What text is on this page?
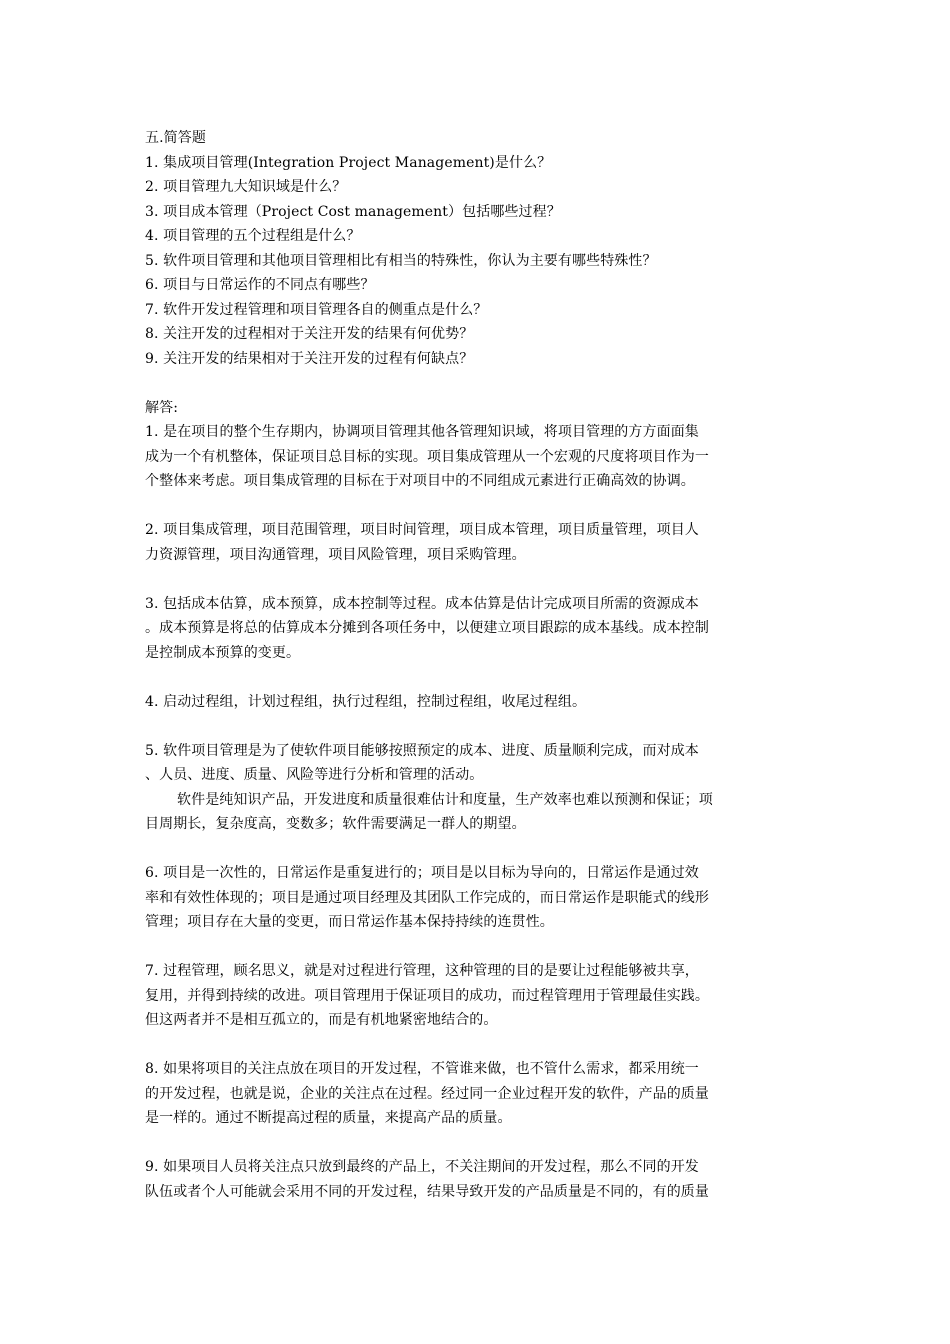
五.简答题
1. 集成项目管理(Integration Project Management)是什么？
2. 项目管理九大知识域是什么？
3. 项目成本管理（Project Cost management）包括哪些过程？
4. 项目管理的五个过程组是什么？
5. 软件项目管理和其他项目管理相比有相当的特殊性，你认为主要有哪些特殊性？
6. 项目与日常运作的不同点有哪些？
7. 软件开发过程管理和项目管理各自的侧重点是什么？
8. 关注开发的过程相对于关注开发的结果有何优势？
9. 关注开发的结果相对于关注开发的过程有何缺点？
解答:
1. 是在项目的整个生存期内，协调项目管理其他各管理知识域，将项目管理的方方面面集
成为一个有机整体，保证项目总目标的实现。项目集成管理从一个宏观的尺度将项目作为一
个整体来考虑。项目集成管理的目标在于对项目中的不同组成元素进行正确高效的协调。
2. 项目集成管理，项目范围管理，项目时间管理，项目成本管理，项目质量管理，项目人
力资源管理，项目沟通管理，项目风险管理，项目采购管理。
3. 包括成本估算，成本预算，成本控制等过程。成本估算是估计完成项目所需的资源成本
。成本预算是将总的估算成本分摊到各项任务中，以便建立项目跟踪的成本基线。成本控制
是控制成本预算的变更。
4. 启动过程组，计划过程组，执行过程组，控制过程组，收尾过程组。
5. 软件项目管理是为了使软件项目能够按照预定的成本、进度、质量顺利完成，而对成本
、人员、进度、质量、风险等进行分析和管理的活动。
软件是纯知识产品，开发进度和质量很难估计和度量，生产效率也难以预测和保证；项
目周期长，复杂度高，变数多；软件需要满足一群人的期望。
6. 项目是一次性的，日常运作是重复进行的；项目是以目标为导向的，日常运作是通过效
率和有效性体现的；项目是通过项目经理及其团队工作完成的，而日常运作是职能式的线形
管理；项目存在大量的变更，而日常运作基本保持持续的连贯性。
7. 过程管理，顾名思义，就是对过程进行管理，这种管理的目的是要让过程能够被共享，
复用，并得到持续的改进。项目管理用于保证项目的成功，而过程管理用于管理最佳实践。
但这两者并不是相互孤立的，而是有机地紧密地结合的。
8. 如果将项目的关注点放在项目的开发过程，不管谁来做，也不管什么需求，都采用统一
的开发过程，也就是说，企业的关注点在过程。经过同一企业过程开发的软件，产品的质量
是一样的。通过不断提高过程的质量，来提高产品的质量。
9. 如果项目人员将关注点只放到最终的产品上，不关注期间的开发过程，那么不同的开发
队伍或者个人可能就会采用不同的开发过程，结果导致开发的产品质量是不同的，有的质量
